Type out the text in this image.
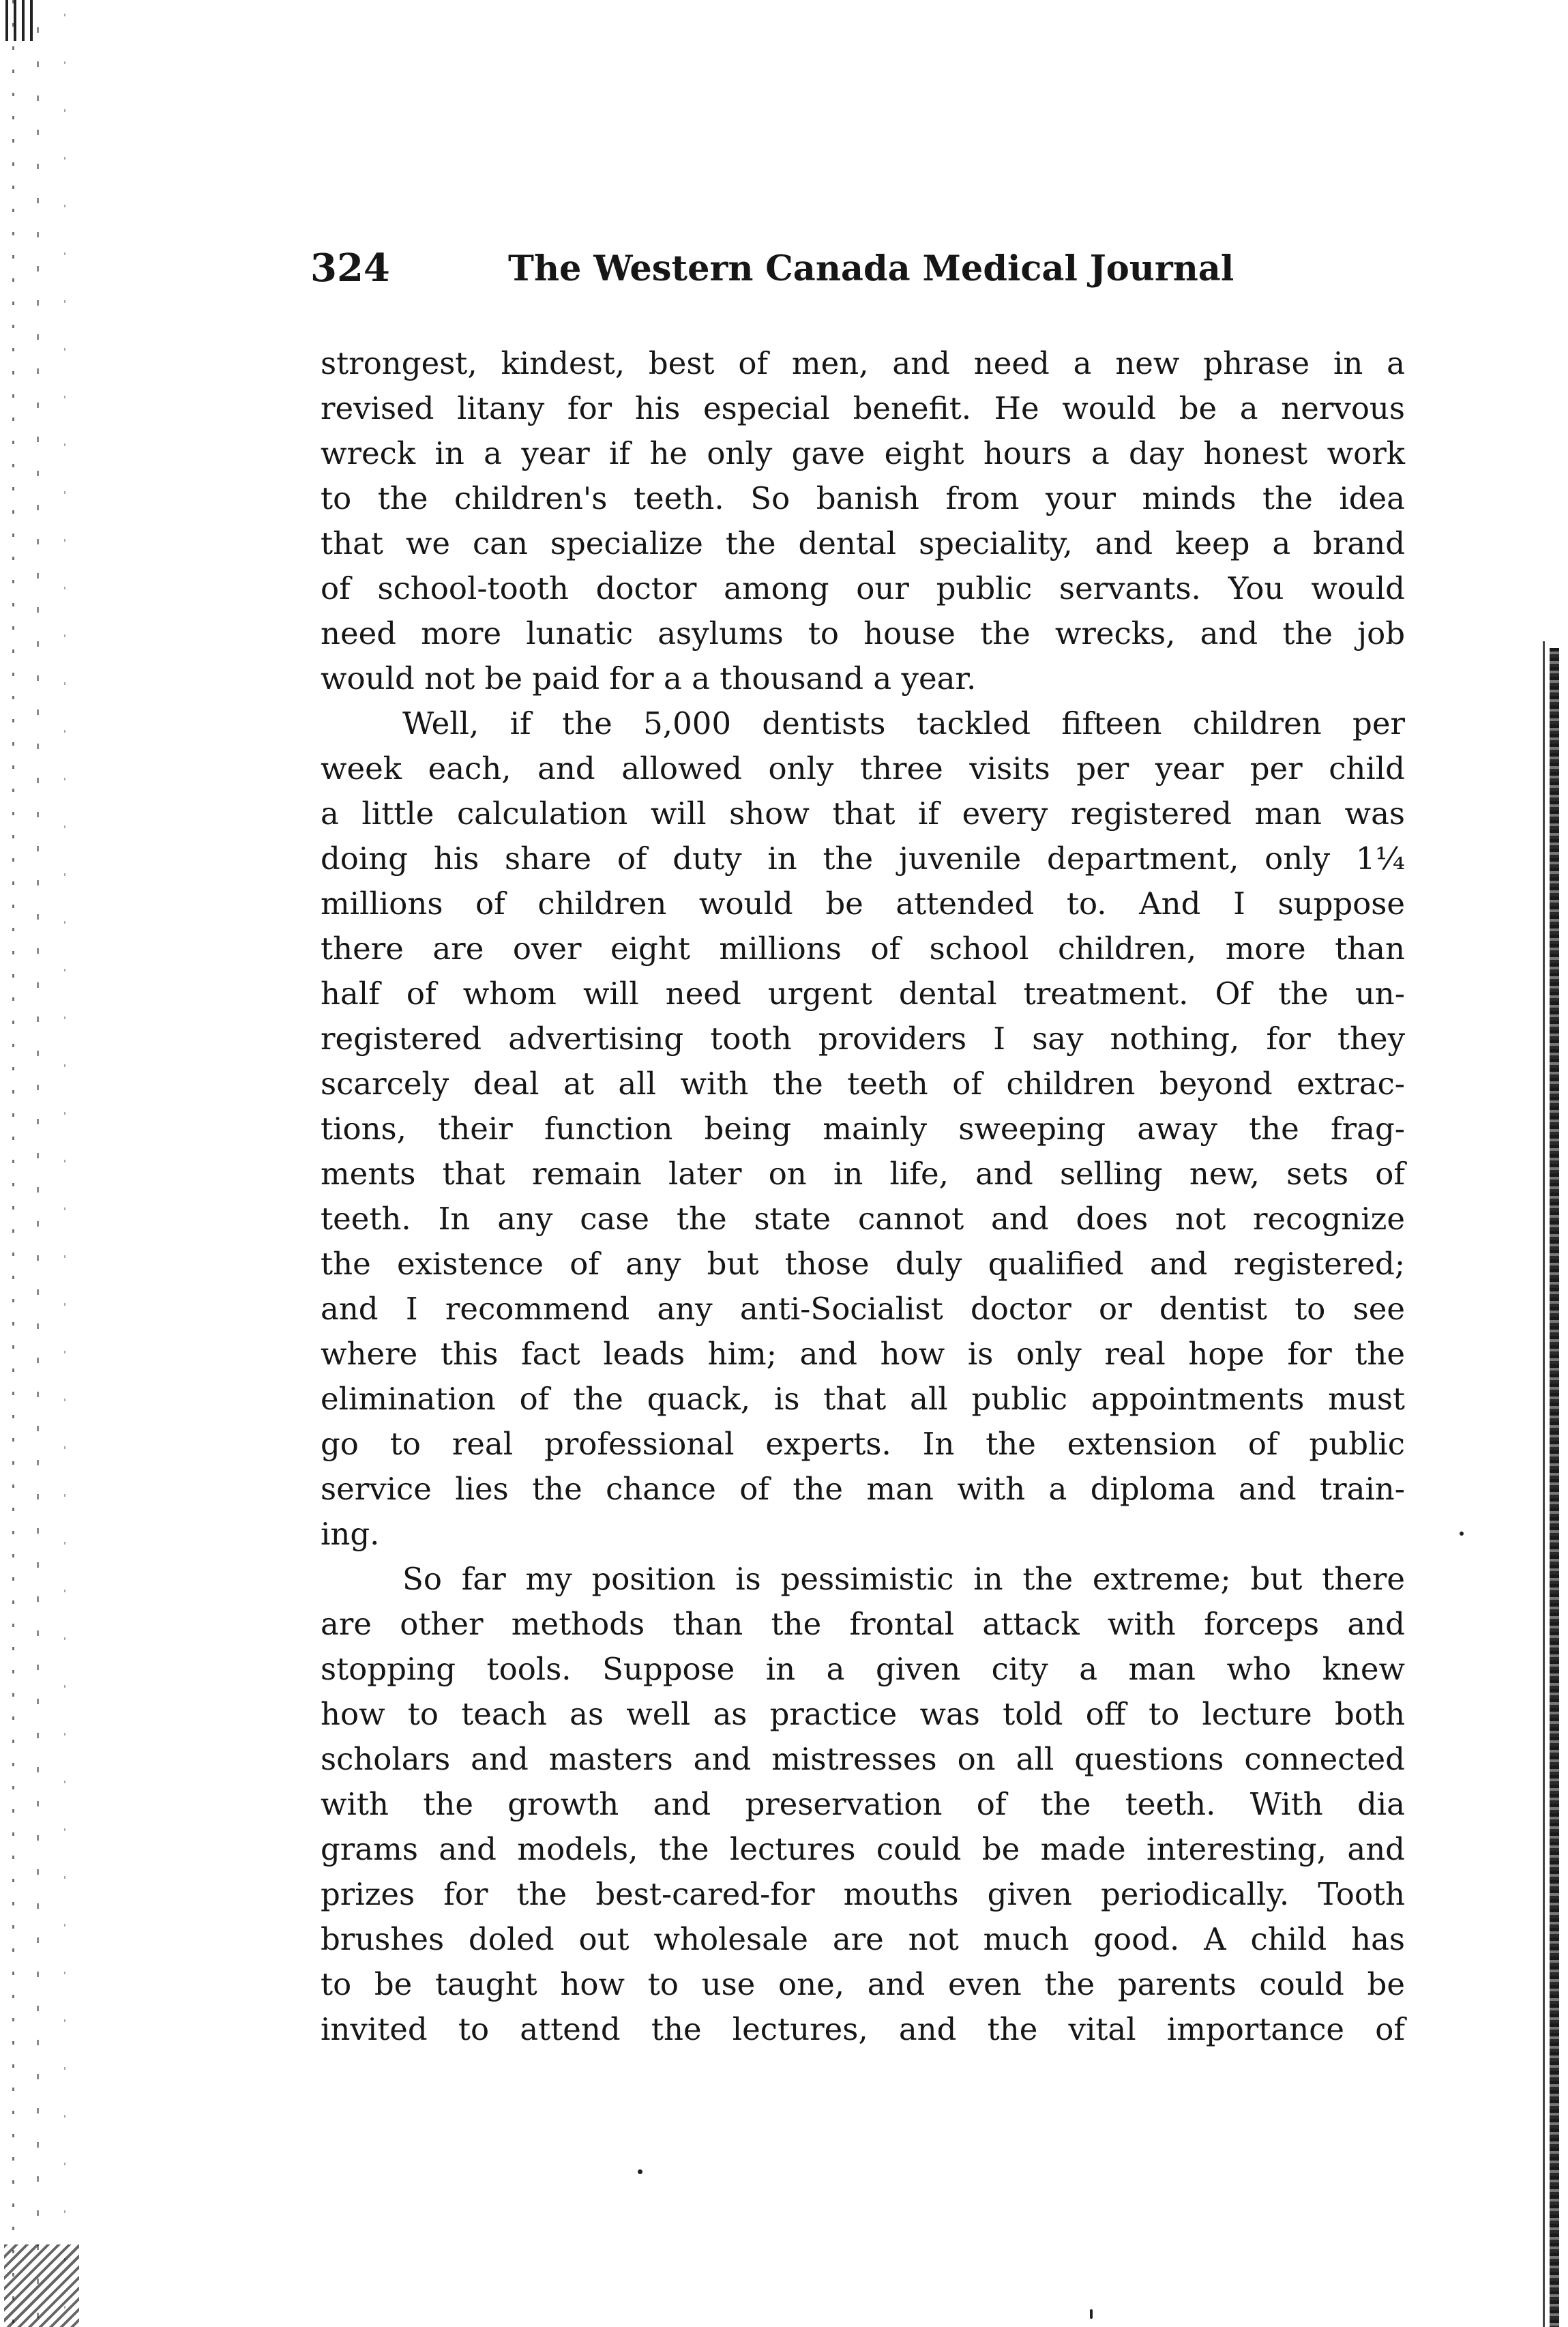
324	The Western Canada Medical Journal
strongest, kindest, best of men, and need a new phrase in a
revised litany for his especial benefit. He would be a nervous
wreck in a year if he only gave eight hours a day honest work
to the children's teeth. So banish from your minds the idea
that we can specialize the dental speciality, and keep a brand
of school-tooth doctor among our public servants. You would
need more lunatic asylums to house the wrecks, and the job
would not be paid for a a thousand a year.
Well, if the 5,000 dentists tackled fifteen children per
week each, and allowed only three visits per year per child
a little calculation will show that if every registered man was
doing his share of duty in the juvenile department, only 1¼
millions of children would be attended to. And I suppose
there are over eight millions of school children, more than
half of whom will need urgent dental treatment. Of the un-
registered advertising tooth providers I say nothing, for they
scarcely deal at all with the teeth of children beyond extrac-
tions, their function being mainly sweeping away the frag-
ments that remain later on in life, and selling new, sets of
teeth. In any case the state cannot and does not recognize
the existence of any but those duly qualified and registered;
and I recommend any anti-Socialist doctor or dentist to see
where this fact leads him; and how is only real hope for the
elimination of the quack, is that all public appointments must
go to real professional experts. In the extension of public
service lies the chance of the man with a diploma and train-
ing.
So far my position is pessimistic in the extreme; but there
are other methods than the frontal attack with forceps and
stopping tools. Suppose in a given city a man who knew
how to teach as well as practice was told off to lecture both
scholars and masters and mistresses on all questions connected
with the growth and preservation of the teeth. With dia
grams and models, the lectures could be made interesting, and
prizes for the best-cared-for mouths given periodically. Tooth
brushes doled out wholesale are not much good. A child has
to be taught how to use one, and even the parents could be
invited to attend the lectures, and the vital importance of
